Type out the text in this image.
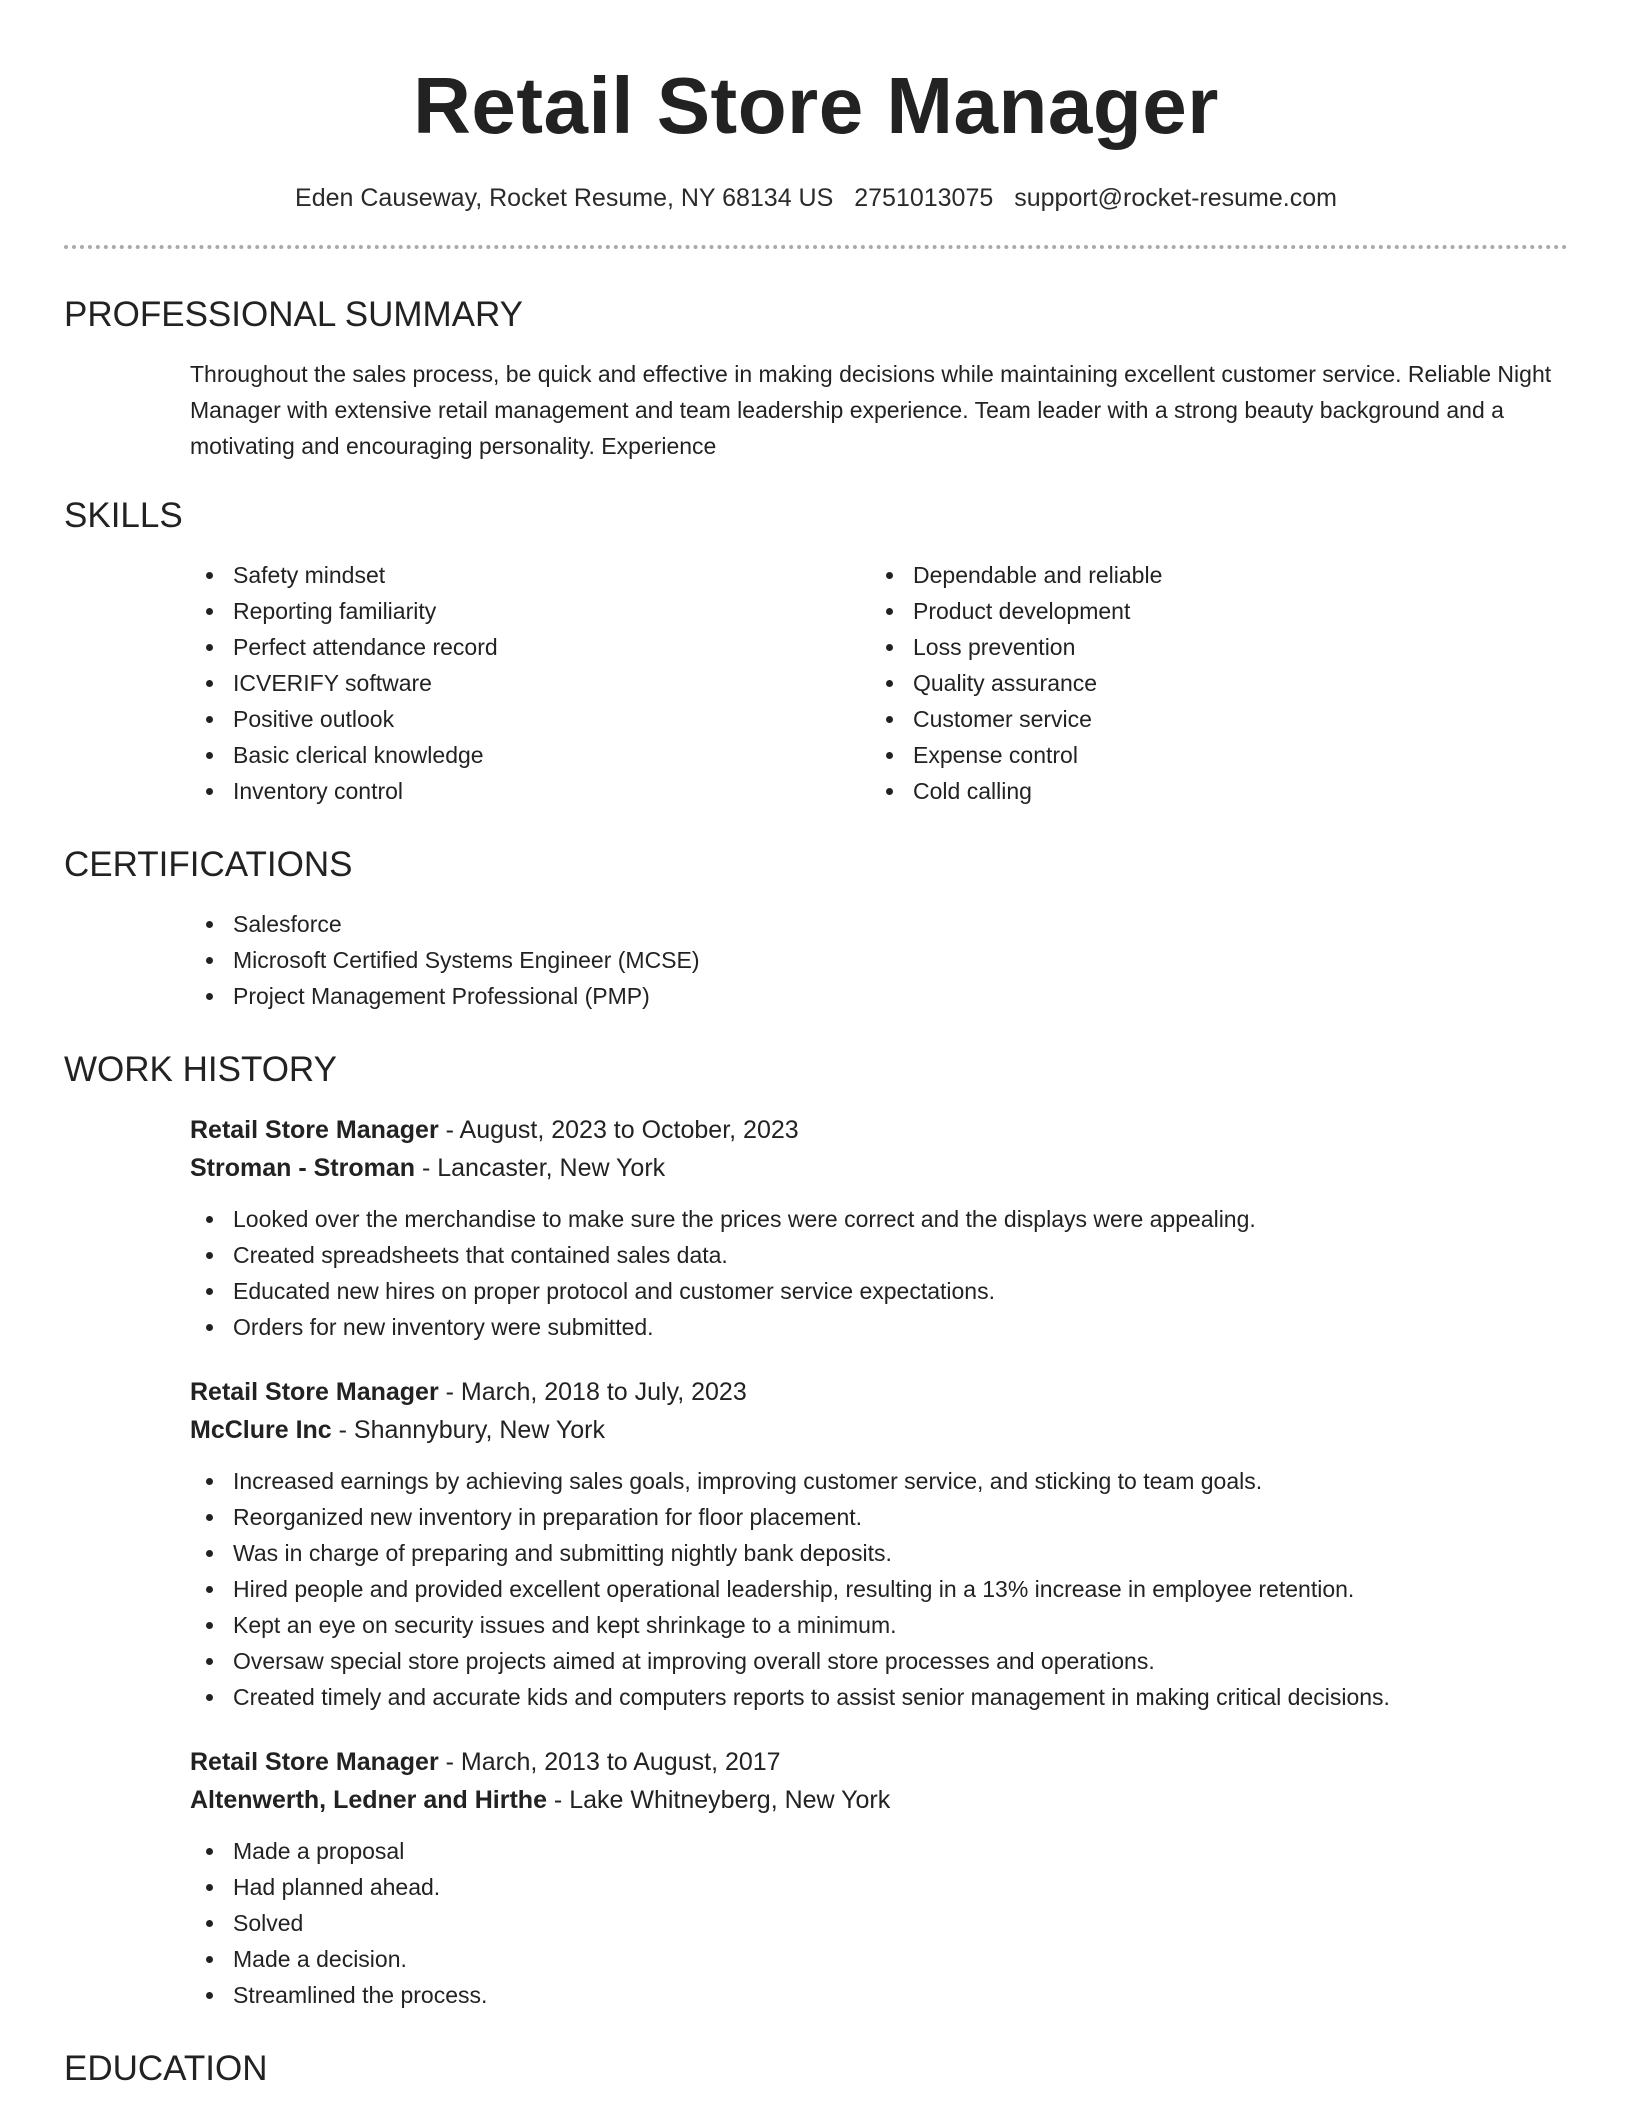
Retail Store Manager
Eden Causeway, Rocket Resume, NY 68134 US 2751013075 support@rocket-resume.com
PROFESSIONAL SUMMARY

Throughout the sales process, be quick and effective in making decisions while maintaining excellent customer service. Reliable Night Manager with extensive retail management and team leadership experience. Team leader with a strong beauty background and a motivating and encouraging personality. Experience

SKILLS
Safety mindset
Reporting familiarity
Perfect attendance record
ICVERIFY software
Positive outlook
Basic clerical knowledge
Inventory control
Dependable and reliable
Product development
Loss prevention
Quality assurance
Customer service
Expense control
Cold calling
CERTIFICATIONS
Salesforce
Microsoft Certified Systems Engineer (MCSE)
Project Management Professional (PMP)
WORK HISTORY
Retail Store Manager - August, 2023 to October, 2023
Stroman - Stroman - Lancaster, New York
Looked over the merchandise to make sure the prices were correct and the displays were appealing.
Created spreadsheets that contained sales data.
Educated new hires on proper protocol and customer service expectations.
Orders for new inventory were submitted.
Retail Store Manager - March, 2018 to July, 2023
McClure Inc - Shannybury, New York
Increased earnings by achieving sales goals, improving customer service, and sticking to team goals.
Reorganized new inventory in preparation for floor placement.
Was in charge of preparing and submitting nightly bank deposits.
Hired people and provided excellent operational leadership, resulting in a 13% increase in employee retention.
Kept an eye on security issues and kept shrinkage to a minimum.
Oversaw special store projects aimed at improving overall store processes and operations.
Created timely and accurate kids and computers reports to assist senior management in making critical decisions.
Retail Store Manager - March, 2013 to August, 2017
Altenwerth, Ledner and Hirthe - Lake Whitneyberg, New York
Made a proposal
Had planned ahead.
Solved
Made a decision.
Streamlined the process.
EDUCATION
